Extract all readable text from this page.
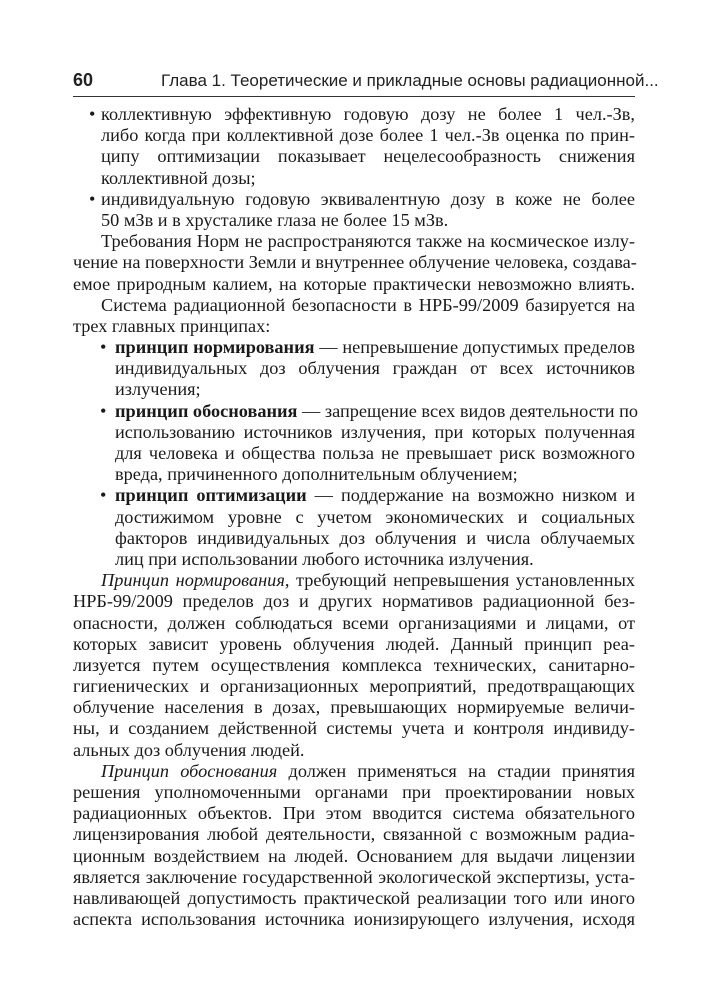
60	Глава 1. Теоретические и прикладные основы радиационной...
• коллективную эффективную годовую дозу не более 1 чел.-Зв,
либо когда при коллективной дозе более 1 чел.-Зв оценка по прин-
ципу оптимизации показывает нецелесообразность снижения
коллективной дозы;
• индивидуальную годовую эквивалентную дозу в коже не более
50 мЗв и в хрусталике глаза не более 15 мЗв.
Требования Норм не распространяются также на космическое излу-
чение на поверхности Земли и внутреннее облучение человека, создава-
емое природным калием, на которые практически невозможно влиять.
Система радиационной безопасности в НРБ-99/2009 базируется на
трех главных принципах:
• принцип нормирования — непревышение допустимых пределов
индивидуальных доз облучения граждан от всех источников
излучения;
• принцип обоснования — запрещение всех видов деятельности по
использованию источников излучения, при которых полученная
для человека и общества польза не превышает риск возможного
вреда, причиненного дополнительным облучением;
• принцип оптимизации — поддержание на возможно низком и
достижимом уровне с учетом экономических и социальных
факторов индивидуальных доз облучения и числа облучаемых
лиц при использовании любого источника излучения.
Принцип нормирования, требующий непревышения установленных
НРБ-99/2009 пределов доз и других нормативов радиационной без-
опасности, должен соблюдаться всеми организациями и лицами, от
которых зависит уровень облучения людей. Данный принцип реа-
лизуется путем осуществления комплекса технических, санитарно-
гигиенических и организационных мероприятий, предотвращающих
облучение населения в дозах, превышающих нормируемые величи-
ны, и созданием действенной системы учета и контроля индивиду-
альных доз облучения людей.
Принцип обоснования должен применяться на стадии принятия
решения уполномоченными органами при проектировании новых
радиационных объектов. При этом вводится система обязательного
лицензирования любой деятельности, связанной с возможным радиа-
ционным воздействием на людей. Основанием для выдачи лицензии
является заключение государственной экологической экспертизы, уста-
навливающей допустимость практической реализации того или иного
аспекта использования источника ионизирующего излучения, исходя
